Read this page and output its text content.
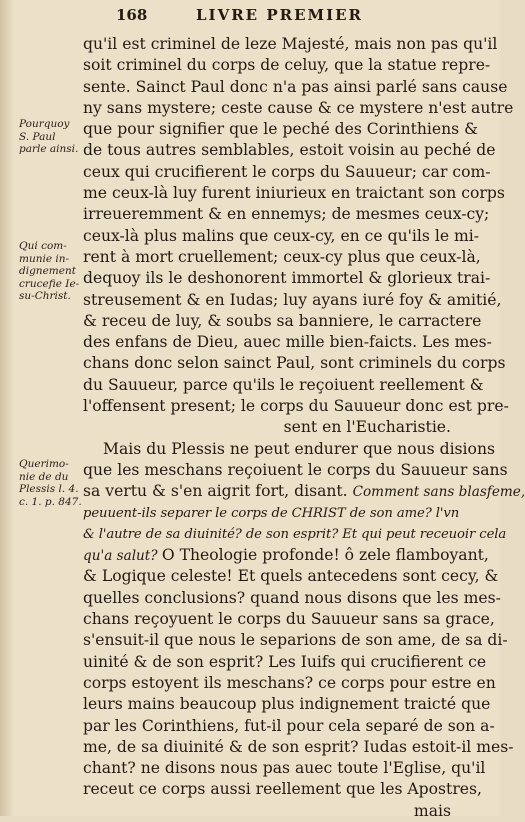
168	LIVRE PREMIER
qu'il est criminel de leze Majesté, mais non pas qu'il
soit criminel du corps de celuy, que la statue repre-
sente. Sainct Paul donc n'a pas ainsi parlé sans cause
ny sans mystere; ceste cause & ce mystere n'est autre
que pour signifier que le peché des Corinthiens &
de tous autres semblables, estoit voisin au peché de
ceux qui crucifierent le corps du Sauueur; car com-
me ceux-là luy furent iniurieux en traictant son corps
irreueremment & en ennemys; de mesmes ceux-cy;
ceux-là plus malins que ceux-cy, en ce qu'ils le mi-
rent à mort cruellement; ceux-cy plus que ceux-là,
dequoy ils le deshonorent immortel & glorieux trai-
streusement & en Iudas; luy ayans iuré foy & amitié,
& receu de luy, & soubs sa banniere, le carractere
des enfans de Dieu, auec mille bien-faicts. Les mes-
chans donc selon sainct Paul, sont criminels du corps
du Sauueur, parce qu'ils le reçoiuent reellement &
l'offensent present; le corps du Sauueur donc est pre-
sent en l'Eucharistie.
Mais du Plessis ne peut endurer que nous disions
que les meschans reçoiuent le corps du Sauueur sans
sa vertu & s'en aigrit fort, disant. Comment sans blasfeme,
peuuent-ils separer le corps de CHRIST de son ame? l'vn
& l'autre de sa diuinité? de son esprit? Et qui peut receuoir cela
qu'a salut? O Theologie profonde! ô zele flamboyant,
& Logique celeste! Et quels antecedens sont cecy, &
quelles conclusions? quand nous disons que les mes-
chans reçoyuent le corps du Sauueur sans sa grace,
s'ensuit-il que nous le separions de son ame, de sa di-
uinité & de son esprit? Les Iuifs qui crucifierent ce
corps estoyent ils meschans? ce corps pour estre en
leurs mains beaucoup plus indignement traicté que
par les Corinthiens, fut-il pour cela separé de son a-
me, de sa diuinité & de son esprit? Iudas estoit-il mes-
chant? ne disons nous pas auec toute l'Eglise, qu'il
receut ce corps aussi reellement que les Apostres,
mais
Pourquoy
S. Paul
parle ainsi.
Qui com-
munie in-
dignement
crucefie Ie-
su-Christ.
Querimo-
nie de du
Plessis l. 4.
c. 1. p. 847.
